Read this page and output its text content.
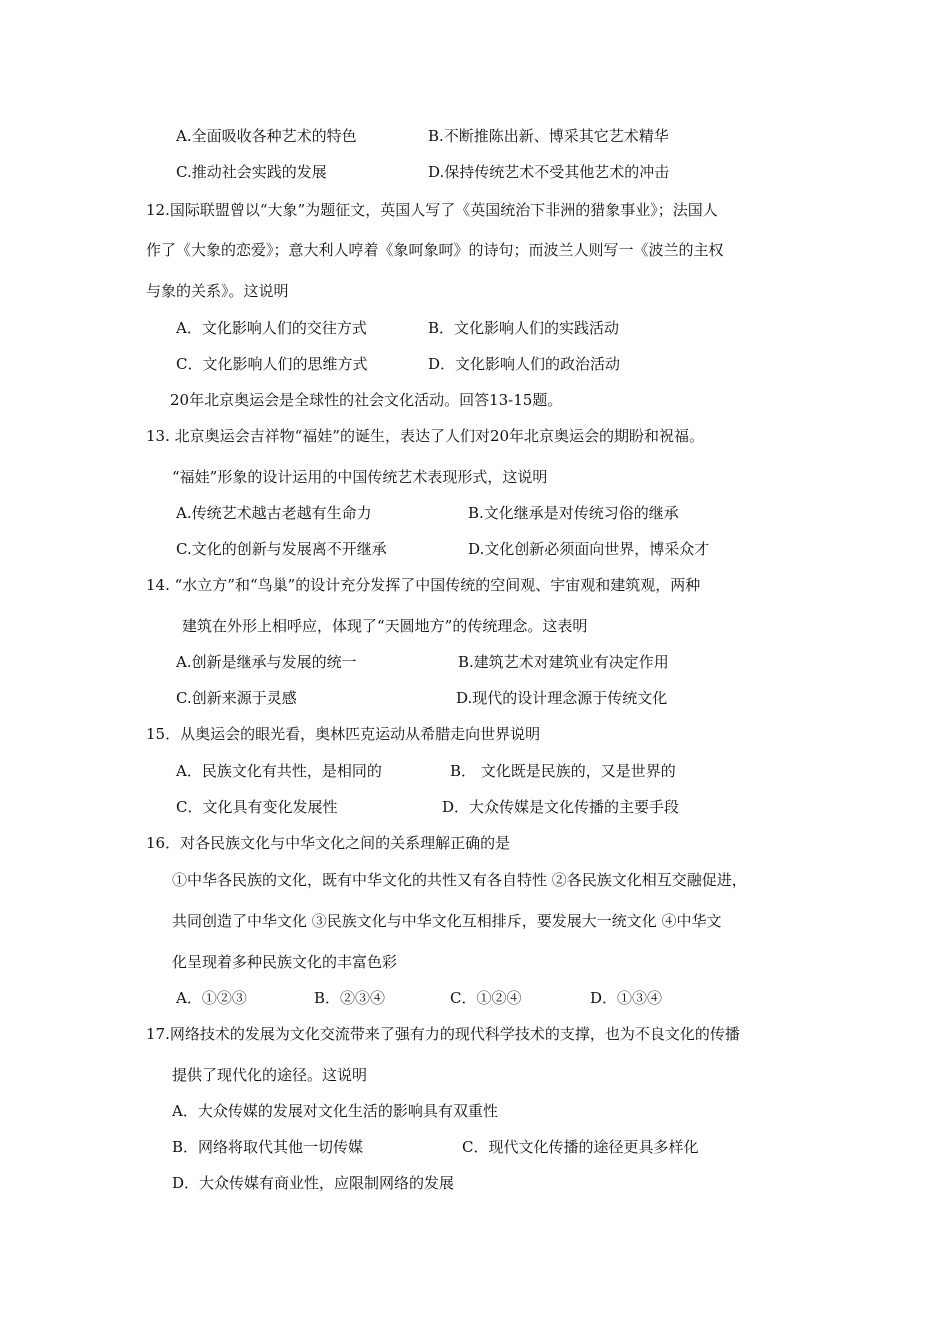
A.全面吸收各种艺术的特色	B.不断推陈出新、博采其它艺术精华
C.推动社会实践的发展	D.保持传统艺术不受其他艺术的冲击
12.国际联盟曾以“大象”为题征文，英国人写了《英国统治下非洲的猎象事业》；法国人
作了《大象的恋爱》；意大利人哼着《象呵象呵》的诗句；而波兰人则写一《波兰的主权
与象的关系》。这说明
A．文化影响人们的交往方式	B．文化影响人们的实践活动
C．文化影响人们的思维方式	D．文化影响人们的政治活动
20年北京奥运会是全球性的社会文化活动。回答13-15题。
13. 北京奥运会吉祥物“福娃”的诞生，表达了人们对20年北京奥运会的期盼和祝福。
“福娃”形象的设计运用的中国传统艺术表现形式，这说明
A.传统艺术越古老越有生命力	B.文化继承是对传统习俗的继承
C.文化的创新与发展离不开继承	D.文化创新必须面向世界，博采众才
14. “水立方”和“鸟巢”的设计充分发挥了中国传统的空间观、宇宙观和建筑观，两种
建筑在外形上相呼应，体现了“天圆地方”的传统理念。这表明
A.创新是继承与发展的统一	B.建筑艺术对建筑业有决定作用
C.创新来源于灵感	D.现代的设计理念源于传统文化
15．从奥运会的眼光看，奥林匹克运动从希腊走向世界说明
A．民族文化有共性，是相同的	B． 文化既是民族的，又是世界的
C．文化具有变化发展性	D．大众传媒是文化传播的主要手段
16．对各民族文化与中华文化之间的关系理解正确的是
①中华各民族的文化，既有中华文化的共性又有各自特性 ②各民族文化相互交融促进，
共同创造了中华文化 ③民族文化与中华文化互相排斥，要发展大一统文化 ④中华文
化呈现着多种民族文化的丰富色彩
A．①②③	B．②③④	C．①②④	D．①③④
17.网络技术的发展为文化交流带来了强有力的现代科学技术的支撑，也为不良文化的传播
提供了现代化的途径。这说明
A．大众传媒的发展对文化生活的影响具有双重性
B．网络将取代其他一切传媒	C．现代文化传播的途径更具多样化
D．大众传媒有商业性，应限制网络的发展
